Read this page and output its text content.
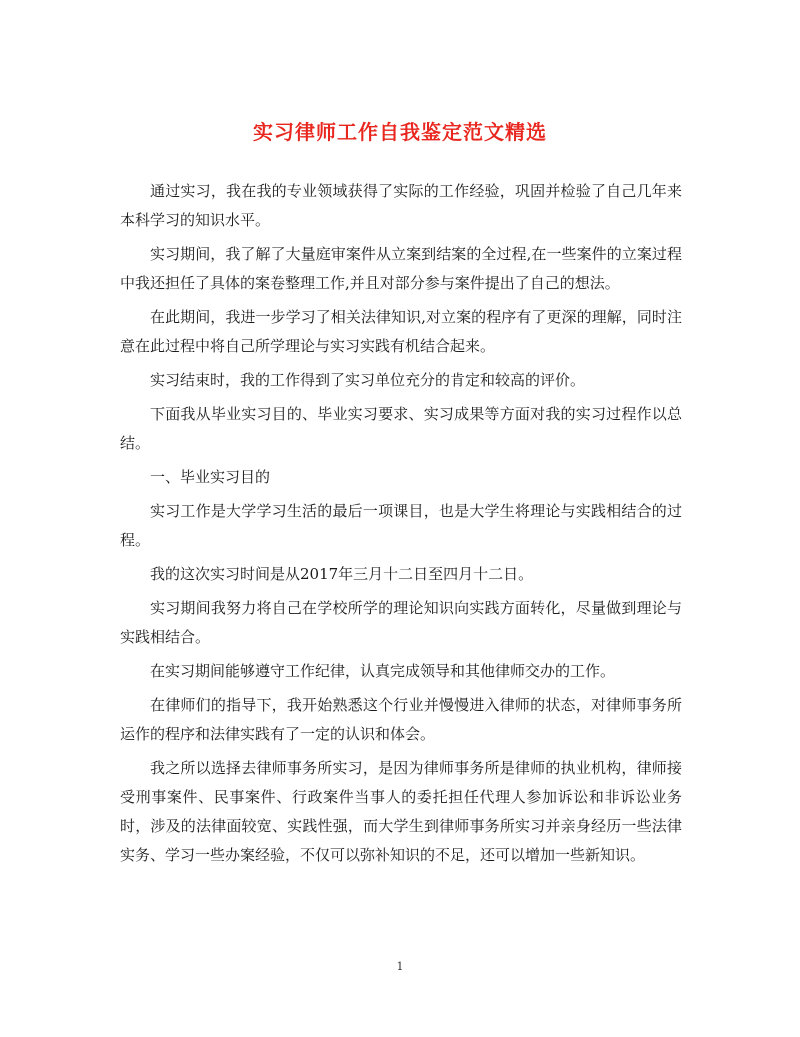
实习律师工作自我鉴定范文精选

通过实习，我在我的专业领域获得了实际的工作经验，巩固并检验了自己几年来本科学习的知识水平。

实习期间，我了解了大量庭审案件从立案到结案的全过程,在一些案件的立案过程中我还担任了具体的案卷整理工作,并且对部分参与案件提出了自己的想法。

在此期间，我进一步学习了相关法律知识,对立案的程序有了更深的理解，同时注意在此过程中将自己所学理论与实习实践有机结合起来。

实习结束时，我的工作得到了实习单位充分的肯定和较高的评价。

下面我从毕业实习目的、毕业实习要求、实习成果等方面对我的实习过程作以总结。

一、毕业实习目的

实习工作是大学学习生活的最后一项课目，也是大学生将理论与实践相结合的过程。

我的这次实习时间是从2017年三月十二日至四月十二日。

实习期间我努力将自己在学校所学的理论知识向实践方面转化，尽量做到理论与实践相结合。

在实习期间能够遵守工作纪律，认真完成领导和其他律师交办的工作。

在律师们的指导下，我开始熟悉这个行业并慢慢进入律师的状态，对律师事务所运作的程序和法律实践有了一定的认识和体会。

我之所以选择去律师事务所实习，是因为律师事务所是律师的执业机构，律师接受刑事案件、民事案件、行政案件当事人的委托担任代理人参加诉讼和非诉讼业务时，涉及的法律面较宽、实践性强，而大学生到律师事务所实习并亲身经历一些法律实务、学习一些办案经验，不仅可以弥补知识的不足，还可以增加一些新知识。

1
